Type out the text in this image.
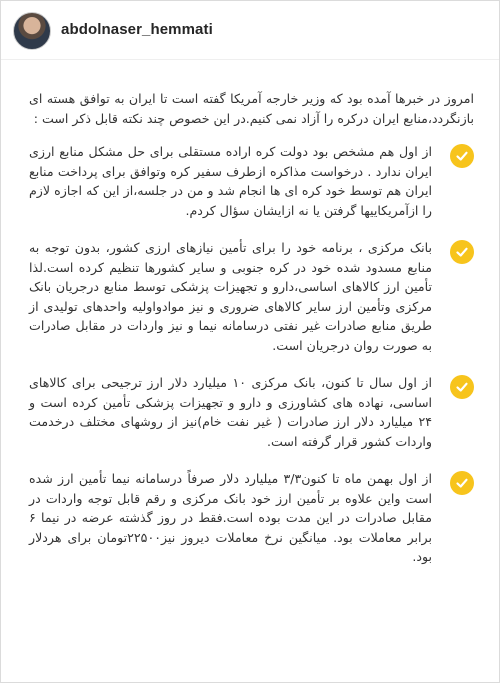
abdolnaser_hemmati

امروز در خبرها آمده بود که وزیر خارجه آمریکا گفته است تا ایران به توافق هسته ای بازنگردد،منابع ایران درکره را آزاد نمی کنیم.در این خصوص چند نکته قابل ذکر است :

از اول هم مشخص بود دولت کره اراده مستقلی برای حل مشکل منابع ارزی ایران ندارد . درخواست مذاکره ازطرف سفیر کره وتوافق برای پرداخت منابع ایران هم توسط خود کره ای ها انجام شد و من در جلسه،از این که اجازه لازم را ازآمریکاییها گرفتن یا نه ازایشان سؤال کردم.

بانک مرکزی ، برنامه خود را برای تأمین نیازهای ارزی کشور، بدون توجه به منابع مسدود شده خود در کره جنوبی و سایر کشورها تنظیم کرده است.لذا تأمین ارز کالاهای اساسی،دارو و تجهیزات پزشکی توسط منابع درجریان بانک مرکزی وتأمین ارز سایر کالاهای ضروری و نیز موادواولیه واحدهای تولیدی از طریق منابع صادرات غیر نفتی درسامانه نیما و نیز واردات در مقابل صادرات به صورت روان درجریان است.

از اول سال تا کنون، بانک مرکزی ۱۰ میلیارد دلار ارز ترجیحی برای کالاهای اساسی، نهاده های کشاورزی و دارو و تجهیزات پزشکی تأمین کرده است و ۲۴ میلیارد دلار ارز صادرات ( غیر نفت خام)نیز از روشهای مختلف درخدمت واردات کشور قرار گرفته است.

از اول بهمن ماه تا کنون۳/۳ میلیارد دلار صرفاً درسامانه نیما تأمین ارز شده است واین علاوه بر تأمین ارز خود بانک مرکزی و رقم قابل توجه واردات در مقابل صادرات در این مدت بوده است.فقط در روز گذشته عرضه در نیما ۶ برابر معاملات بود. میانگین نرخ معاملات دیروز نیز۲۲۵۰۰تومان برای هردلار بود.
